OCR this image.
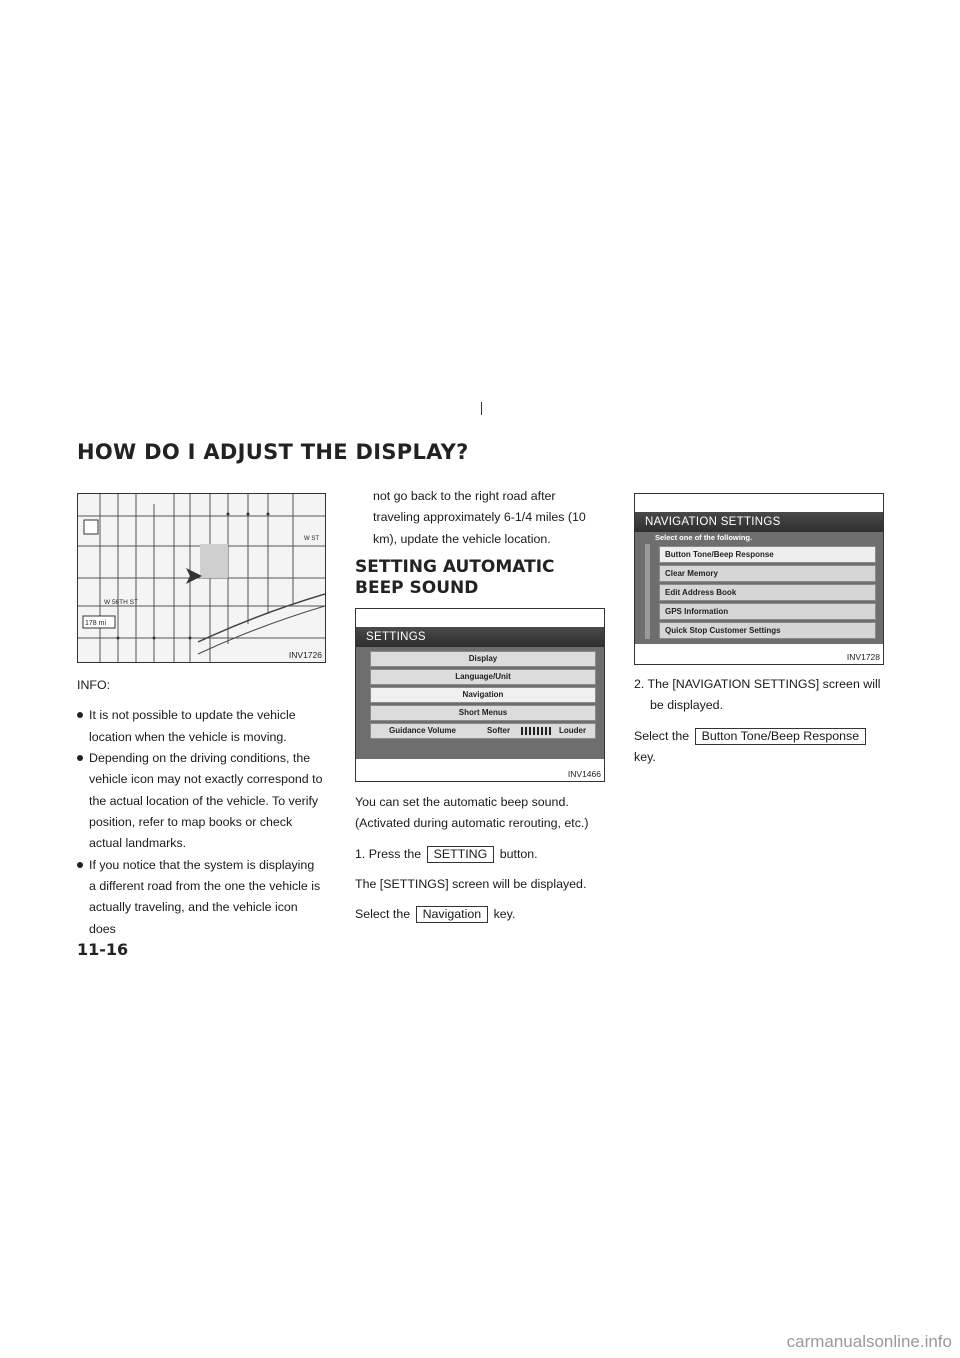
HOW DO I ADJUST THE DISPLAY?
178 mi
W 56TH ST
W ST
INV1726

INFO:

It is not possible to update the vehicle location when the vehicle is moving.

Depending on the driving conditions, the vehicle icon may not exactly correspond to the actual location of the vehicle. To verify position, refer to map books or check actual landmarks.

If you notice that the system is displaying a different road from the one the vehicle is actually traveling, and the vehicle icon does

not go back to the right road after traveling approximately 6-1/4 miles (10 km), update the vehicle location.

SETTING AUTOMATIC BEEP SOUND
SETTINGS
Display
Language/Unit
Navigation
Short Menus
Guidance Volume	Softer	Louder
INV1466

You can set the automatic beep sound. (Activated during automatic rerouting, etc.)

1. Press the SETTING button.

The [SETTINGS] screen will be displayed.

Select the Navigation key.

NAVIGATION SETTINGS
Select one of the following.
Button Tone/Beep Response
Clear Memory
Edit Address Book
GPS Information
Quick Stop Customer Settings
INV1728

2. The [NAVIGATION SETTINGS] screen will be displayed.

Select the Button Tone/Beep Response key.

11-16
carmanualsonline.info
